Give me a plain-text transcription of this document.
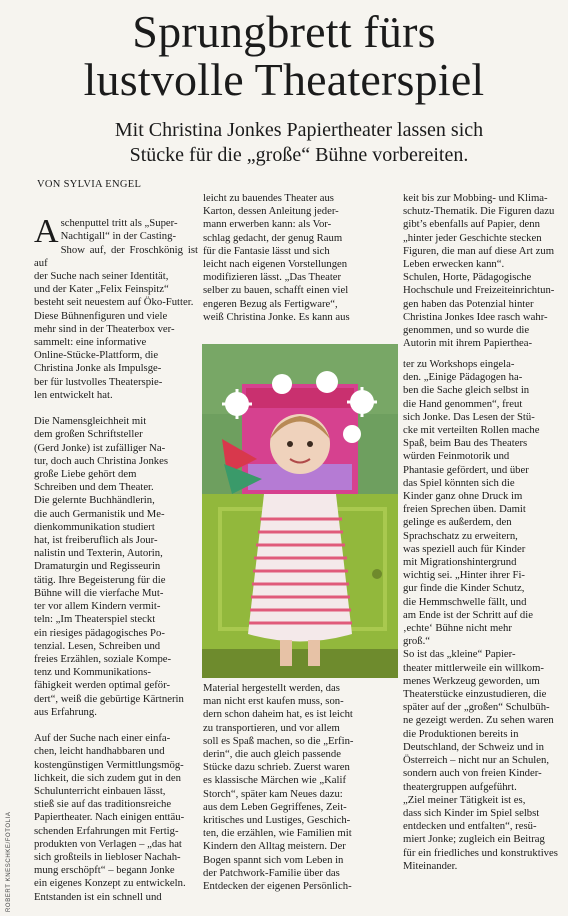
Sprungbrett fürs
lustvolle Theaterspiel
Mit Christina Jonkes Papiertheater lassen sich
Stücke für die „große“ Bühne vorbereiten.
VON SYLVIA ENGEL

Aschenputtel tritt als „Super-
Nachtigall“ in der Casting-
Show auf, der Froschkönig ist auf
der Suche nach seiner Identität,
und der Kater „Felix Feinspitz“
besteht seit neuestem auf Öko-Futter.
Diese Bühnenfiguren und viele
mehr sind in der Theaterbox ver-
sammelt: eine informative
Online-Stücke-Plattform, die
Christina Jonke als Impulsge-
ber für lustvolles Theaterspie-
len entwickelt hat.

Die Namensgleichheit mit
dem großen Schriftsteller
(Gerd Jonke) ist zufälliger Na-
tur, doch auch Christina Jonkes
große Liebe gehört dem
Schreiben und dem Theater.
Die gelernte Buchhändlerin,
die auch Germanistik und Me-
dienkommunikation studiert
hat, ist freiberuflich als Jour-
nalistin und Texterin, Autorin,
Dramaturgin und Regisseurin
tätig. Ihre Begeisterung für die
Bühne will die vierfache Mut-
ter vor allem Kindern vermit-
teln: „Im Theaterspiel steckt
ein riesiges pädagogisches Po-
tenzial. Lesen, Schreiben und
freies Erzählen, soziale Kompe-
tenz und Kommunikations-
fähigkeit werden optimal geför-
dert“, weiß die gebürtige Kärtnerin
aus Erfahrung.

Auf der Suche nach einer einfa-
chen, leicht handhabbaren und
kostengünstigen Vermittlungsmög-
lichkeit, die sich zudem gut in den
Schulunterricht einbauen lässt,
stieß sie auf das traditionsreiche
Papiertheater. Nach einigen enttäu-
schenden Erfahrungen mit Fertig-
produkten von Verlagen – „das hat
sich großteils in liebloser Nachah-
mung erschöpft“ – begann Jonke
ein eigenes Konzept zu entwickeln.
Entstanden ist ein schnell und

leicht zu bauendes Theater aus
Karton, dessen Anleitung jeder-
mann erwerben kann: als Vor-
schlag gedacht, der genug Raum
für die Fantasie lässt und sich
leicht nach eigenen Vorstellungen
modifizieren lässt. „Das Theater
selber zu bauen, schafft einen viel
engeren Bezug als Fertigware“,
weiß Christina Jonke. Es kann aus
Material hergestellt werden, das
man nicht erst kaufen muss, son-
dern schon daheim hat, es ist leicht
zu transportieren, und vor allem
soll es Spaß machen, so die „Erfin-
derin“, die auch gleich passende
Stücke dazu schrieb. Zuerst waren
es klassische Märchen wie „Kalif
Storch“, später kam Neues dazu:
aus dem Leben Gegriffenes, Zeit-
kritisches und Lustiges, Geschich-
ten, die erzählen, wie Familien mit
Kindern den Alltag meistern. Der
Bogen spannt sich vom Leben in
der Patchwork-Familie über das
Entdecken der eigenen Persönlich-
keit bis zur Mobbing- und Klima-
schutz-Thematik. Die Figuren dazu
gibt’s ebenfalls auf Papier, denn
„hinter jeder Geschichte stecken
Figuren, die man auf diese Art zum
Leben erwecken kann“.
Schulen, Horte, Pädagogische
Hochschule und Freizeiteinrichtun-
gen haben das Potenzial hinter
Christina Jonkes Idee rasch wahr-
genommen, und so wurde die
Autorin mit ihrem Papierthea-
ter zu Workshops eingela-
den. „Einige Pädagogen ha-
ben die Sache gleich selbst in
die Hand genommen“, freut
sich Jonke. Das Lesen der Stü-
cke mit verteilten Rollen mache
Spaß, beim Bau des Theaters
würden Feinmotorik und
Phantasie gefördert, und über
das Spiel könnten sich die
Kinder ganz ohne Druck im
freien Sprechen üben. Damit
gelinge es außerdem, den
Sprachschatz zu erweitern,
was speziell auch für Kinder
mit Migrationshintergrund
wichtig sei. „Hinter ihrer Fi-
gur finde die Kinder Schutz,
die Hemmschwelle fällt, und
am Ende ist der Schritt auf die
‚echte‘ Bühne nicht mehr
groß.“
So ist das „kleine“ Papier-
theater mittlerweile ein willkom-
menes Werkzeug geworden, um
Theaterstücke einzustudieren, die
später auf der „großen“ Schulbüh-
ne gezeigt werden. Zu sehen waren
die Produktionen bereits in
Deutschland, der Schweiz und in
Österreich – nicht nur an Schulen,
sondern auch von freien Kinder-
theatergruppen aufgeführt.
„Ziel meiner Tätigkeit ist es,
dass sich Kinder im Spiel selbst
entdecken und entfalten“, resü-
miert Jonke; zugleich ein Beitrag
für ein friedliches und konstruktives
Miteinander.
ROBERT KNESCHKE/FOTOLIA
